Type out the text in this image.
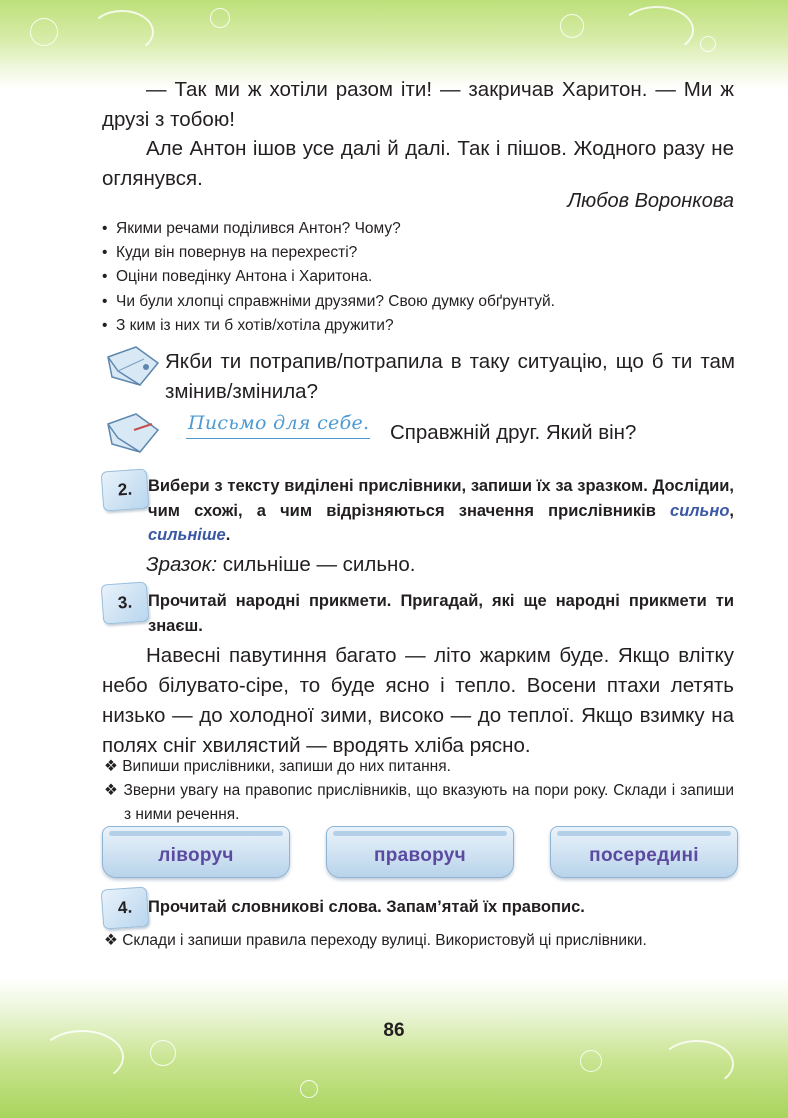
— Так ми ж хотіли разом іти! — закричав Харитон. — Ми ж друзі з тобою!

Але Антон ішов усе далі й далі. Так і пішов. Жодного разу не оглянувся.

Любов Воронкова
• Якими речами поділився Антон? Чому?
• Куди він повернув на перехресті?
• Оціни поведінку Антона і Харитона.
• Чи були хлопці справжніми друзями? Свою думку обґрунтуй.
• З ким із них ти б хотів/хотіла дружити?

Якби ти потрапив/потрапила в таку ситуацію, що б ти там змінив/змінила?

Письмо для себе. Справжній друг. Який він?
2. Вибери з тексту виділені прислівники, запиши їх за зразком. Дослідии, чим схожі, а чим відрізняються значення прислівників сильно, сильніше.

Зразок: сильніше — сильно.
3. Прочитай народні прикмети. Пригадай, які ще народні прикмети ти знаєш.

Навесні павутиння багато — літо жарким буде. Якщо влітку небо білувато-сіре, то буде ясно і тепло. Восени птахи летять низько — до холодної зими, високо — до теплої. Якщо взимку на полях сніг хвилястий — вродять хліба рясно.

❖ Випиши прислівники, запиши до них питання.
❖ Зверни увагу на правопис прислівників, що вказують на пори року. Склади і запиши з ними речення.
ліворуч	праворуч	посередині
4. Прочитай словникові слова. Запам’ятай їх правопис.

❖ Склади і запиши правила переходу вулиці. Використовуй ці прислівники.
86
